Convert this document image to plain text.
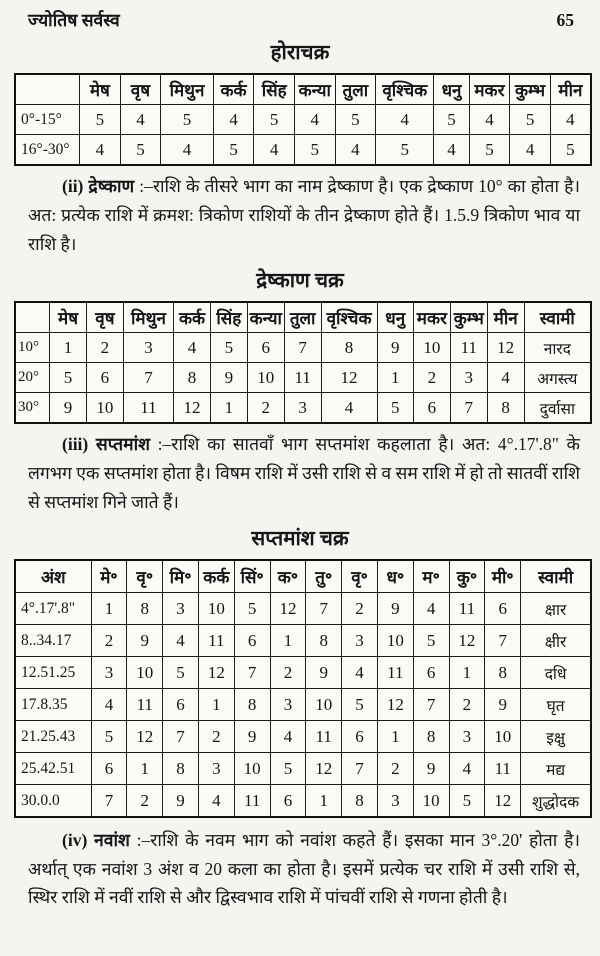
ज्योतिष सर्वस्व	65
होराचक्र
	मेष	वृष	मिथुन	कर्क	सिंह	कन्या	तुला	वृश्चिक	धनु	मकर	कुम्भ	मीन
0°-15°	5	4	5	4	5	4	5	4	5	4	5	4
16°-30°	4	5	4	5	4	5	4	5	4	5	4	5

(ii) द्रेष्काण :–राशि के तीसरे भाग का नाम द्रेष्काण है। एक द्रेष्काण 10° का होता है। अत: प्रत्येक राशि में क्रमश: त्रिकोण राशियों के तीन द्रेष्काण होते हैं। 1.5.9 त्रिकोण भाव या राशि है।

द्रेष्काण चक्र
	मेष	वृष	मिथुन	कर्क	सिंह	कन्या	तुला	वृश्चिक	धनु	मकर	कुम्भ	मीन	स्वामी
10°	1	2	3	4	5	6	7	8	9	10	11	12	नारद
20°	5	6	7	8	9	10	11	12	1	2	3	4	अगस्त्य
30°	9	10	11	12	1	2	3	4	5	6	7	8	दुर्वासा

(iii) सप्तमांश :–राशि का सातवाँ भाग सप्तमांश कहलाता है। अत: 4°.17'.8" के लगभग एक सप्तमांश होता है। विषम राशि में उसी राशि से व सम राशि में हो तो सातवीं राशि से सप्तमांश गिने जाते हैं।

सप्तमांश चक्र
अंश	मे॰	वृ॰	मि॰	कर्क	सिं॰	क॰	तु॰	वृ॰	ध॰	म॰	कु॰	मी॰	स्वामी
4°.17'.8"	1	8	3	10	5	12	7	2	9	4	11	6	क्षार
8..34.17	2	9	4	11	6	1	8	3	10	5	12	7	क्षीर
12.51.25	3	10	5	12	7	2	9	4	11	6	1	8	दधि
17.8.35	4	11	6	1	8	3	10	5	12	7	2	9	घृत
21.25.43	5	12	7	2	9	4	11	6	1	8	3	10	इक्षु
25.42.51	6	1	8	3	10	5	12	7	2	9	4	11	मद्य
30.0.0	7	2	9	4	11	6	1	8	3	10	5	12	शुद्धोदक

(iv) नवांश :–राशि के नवम भाग को नवांश कहते हैं। इसका मान 3°.20' होता है। अर्थात् एक नवांश 3 अंश व 20 कला का होता है। इसमें प्रत्येक चर राशि में उसी राशि से, स्थिर राशि में नवीं राशि से और द्विस्वभाव राशि में पांचवीं राशि से गणना होती है।
